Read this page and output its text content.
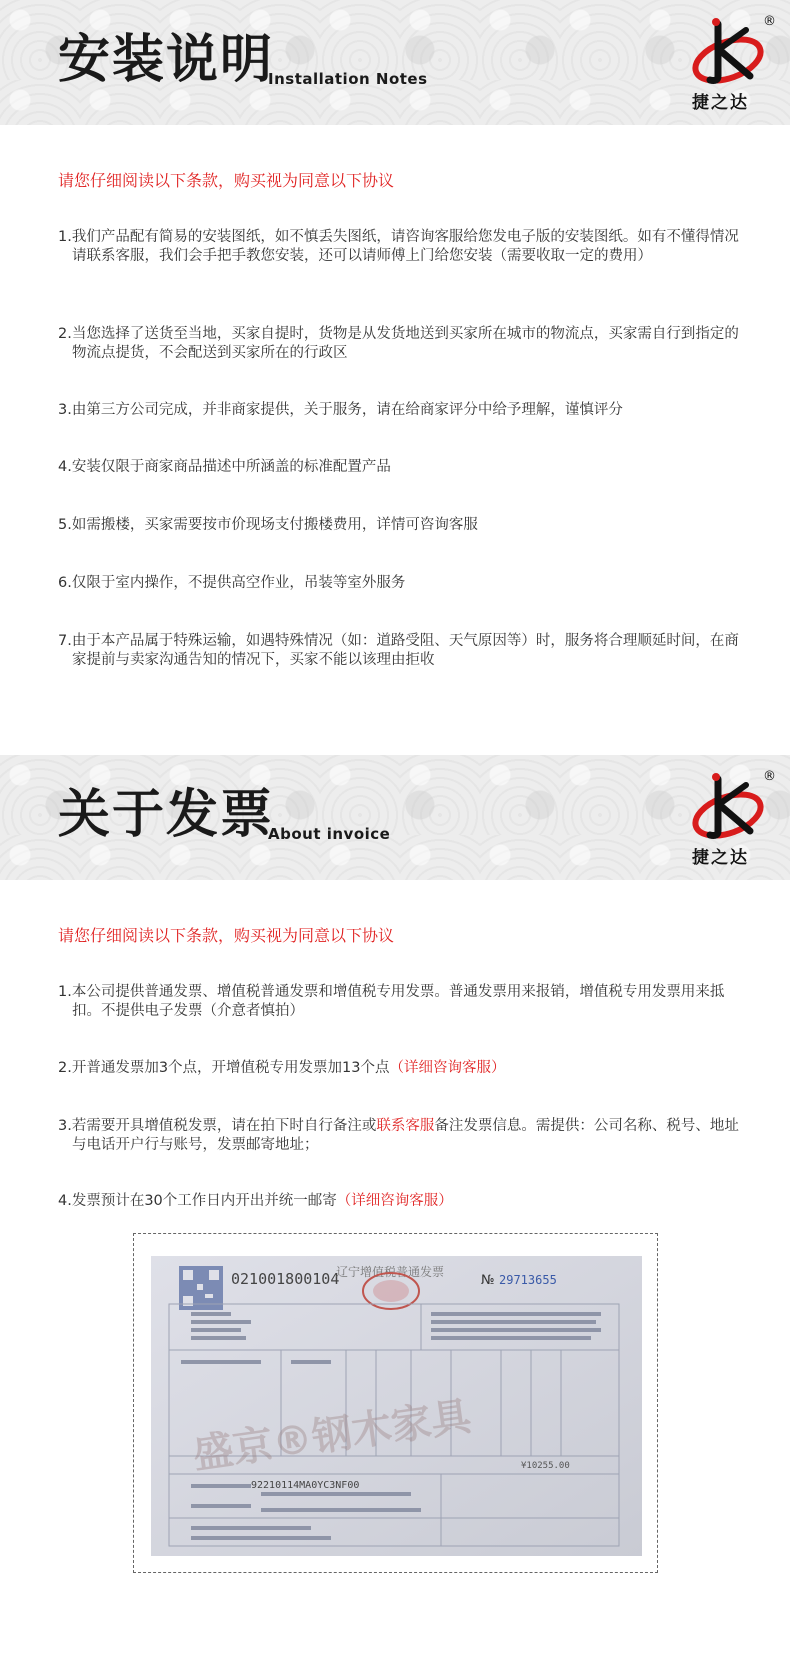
安装说明
Installation Notes
®
捷之达
请您仔细阅读以下条款，购买视为同意以下协议
1.我们产品配有简易的安装图纸，如不慎丢失图纸，请咨询客服给您发电子版的安装图纸。如有不懂得情况请联系客服，我们会手把手教您安装，还可以请师傅上门给您安装（需要收取一定的费用）
2.当您选择了送货至当地，买家自提时，货物是从发货地送到买家所在城市的物流点，买家需自行到指定的物流点提货，不会配送到买家所在的行政区
3.由第三方公司完成，并非商家提供，关于服务，请在给商家评分中给予理解，谨慎评分
4.安装仅限于商家商品描述中所涵盖的标准配置产品
5.如需搬楼，买家需要按市价现场支付搬楼费用，详情可咨询客服
6.仅限于室内操作，不提供高空作业，吊装等室外服务
7.由于本产品属于特殊运输，如遇特殊情况（如：道路受阻、天气原因等）时，服务将合理顺延时间，在商家提前与卖家沟通告知的情况下，买家不能以该理由拒收
关于发票
About invoice
®
捷之达
请您仔细阅读以下条款，购买视为同意以下协议
1.本公司提供普通发票、增值税普通发票和增值税专用发票。普通发票用来报销，增值税专用发票用来抵扣。不提供电子发票（介意者慎拍）
2.开普通发票加3个点，开增值税专用发票加13个点（详细咨询客服）
3.若需要开具增值税发票，请在拍下时自行备注或联系客服备注发票信息。需提供：公司名称、税号、地址与电话开户行与账号，发票邮寄地址；
4.发票预计在30个工作日内开出并统一邮寄（详细咨询客服）
021001800104
辽宁增值税普通发票
№ 29713655
92210114MA0YC3NF00
¥10255.00
盛京®钢木家具
